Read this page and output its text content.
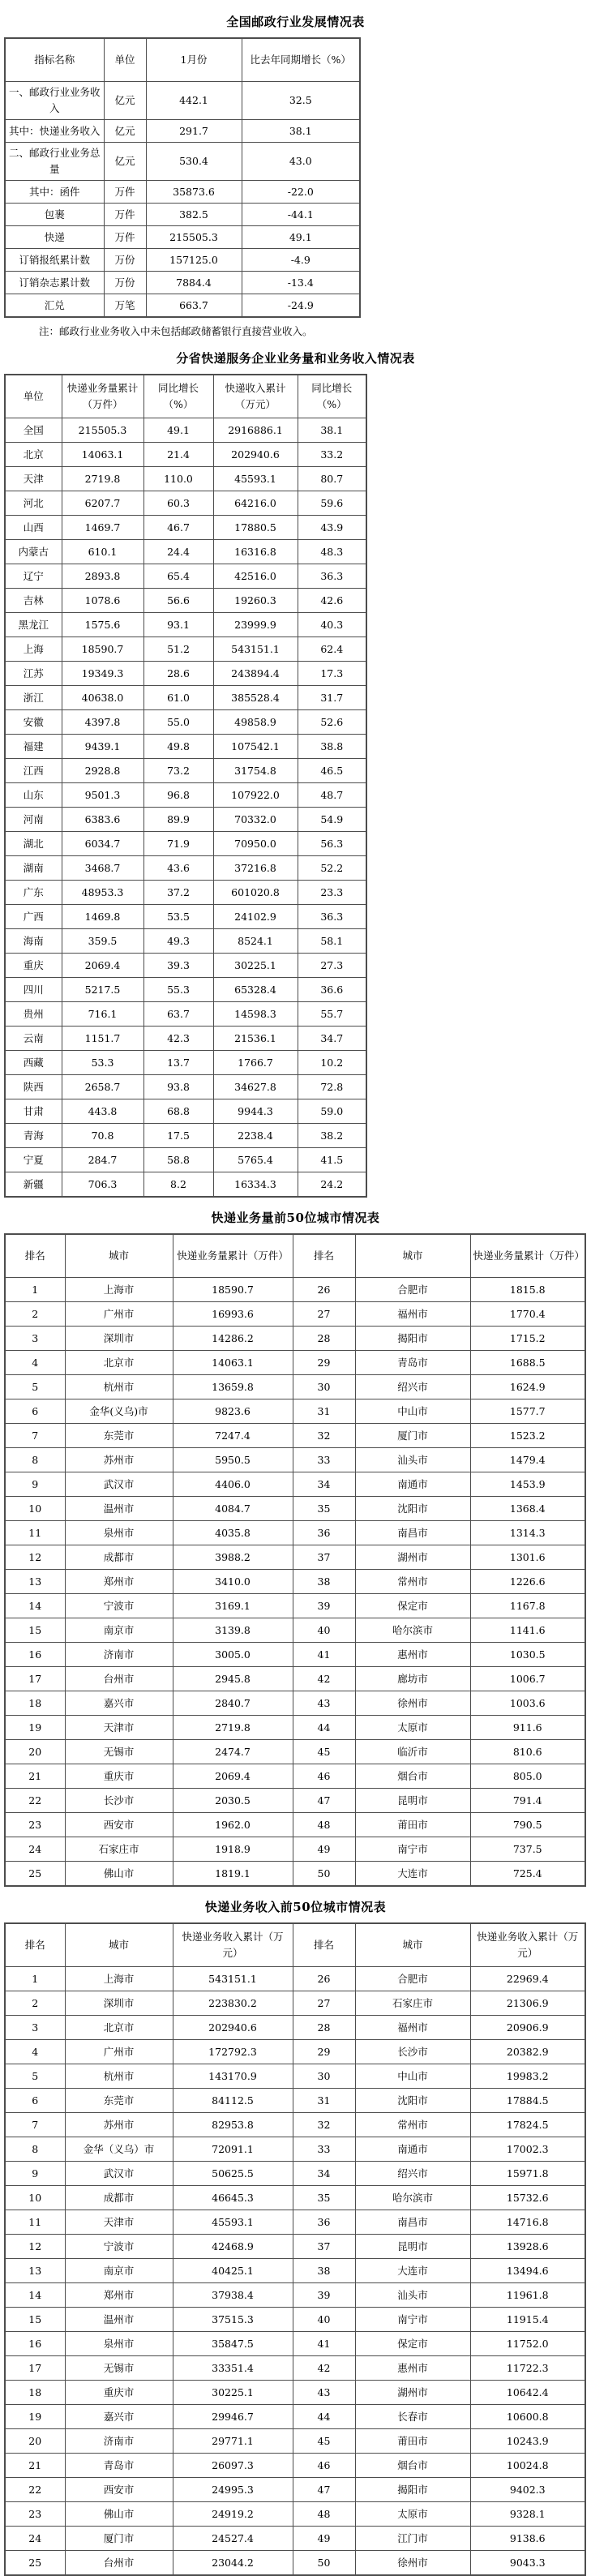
全国邮政行业发展情况表
指标名称	单位	1月份	比去年同期增长（%）
一、邮政行业业务收入	亿元	442.1	32.5
其中：快递业务收入	亿元	291.7	38.1
二、邮政行业业务总量	亿元	530.4	43.0
其中：函件	万件	35873.6	-22.0
包裹	万件	382.5	-44.1
快递	万件	215505.3	49.1
订销报纸累计数	万份	157125.0	-4.9
订销杂志累计数	万份	7884.4	-13.4
汇兑	万笔	663.7	-24.9

注：邮政行业业务收入中未包括邮政储蓄银行直接营业收入。

分省快递服务企业业务量和业务收入情况表
单位	快递业务量累计（万件）	同比增长（%）	快递收入累计（万元）	同比增长（%）
全国	215505.3	49.1	2916886.1	38.1
北京	14063.1	21.4	202940.6	33.2
天津	2719.8	110.0	45593.1	80.7
河北	6207.7	60.3	64216.0	59.6
山西	1469.7	46.7	17880.5	43.9
内蒙古	610.1	24.4	16316.8	48.3
辽宁	2893.8	65.4	42516.0	36.3
吉林	1078.6	56.6	19260.3	42.6
黑龙江	1575.6	93.1	23999.9	40.3
上海	18590.7	51.2	543151.1	62.4
江苏	19349.3	28.6	243894.4	17.3
浙江	40638.0	61.0	385528.4	31.7
安徽	4397.8	55.0	49858.9	52.6
福建	9439.1	49.8	107542.1	38.8
江西	2928.8	73.2	31754.8	46.5
山东	9501.3	96.8	107922.0	48.7
河南	6383.6	89.9	70332.0	54.9
湖北	6034.7	71.9	70950.0	56.3
湖南	3468.7	43.6	37216.8	52.2
广东	48953.3	37.2	601020.8	23.3
广西	1469.8	53.5	24102.9	36.3
海南	359.5	49.3	8524.1	58.1
重庆	2069.4	39.3	30225.1	27.3
四川	5217.5	55.3	65328.4	36.6
贵州	716.1	63.7	14598.3	55.7
云南	1151.7	42.3	21536.1	34.7
西藏	53.3	13.7	1766.7	10.2
陕西	2658.7	93.8	34627.8	72.8
甘肃	443.8	68.8	9944.3	59.0
青海	70.8	17.5	2238.4	38.2
宁夏	284.7	58.8	5765.4	41.5
新疆	706.3	8.2	16334.3	24.2
快递业务量前50位城市情况表
排名	城市	快递业务量累计（万件）	排名	城市	快递业务量累计（万件）
1	上海市	18590.7	26	合肥市	1815.8
2	广州市	16993.6	27	福州市	1770.4
3	深圳市	14286.2	28	揭阳市	1715.2
4	北京市	14063.1	29	青岛市	1688.5
5	杭州市	13659.8	30	绍兴市	1624.9
6	金华(义乌)市	9823.6	31	中山市	1577.7
7	东莞市	7247.4	32	厦门市	1523.2
8	苏州市	5950.5	33	汕头市	1479.4
9	武汉市	4406.0	34	南通市	1453.9
10	温州市	4084.7	35	沈阳市	1368.4
11	泉州市	4035.8	36	南昌市	1314.3
12	成都市	3988.2	37	湖州市	1301.6
13	郑州市	3410.0	38	常州市	1226.6
14	宁波市	3169.1	39	保定市	1167.8
15	南京市	3139.8	40	哈尔滨市	1141.6
16	济南市	3005.0	41	惠州市	1030.5
17	台州市	2945.8	42	廊坊市	1006.7
18	嘉兴市	2840.7	43	徐州市	1003.6
19	天津市	2719.8	44	太原市	911.6
20	无锡市	2474.7	45	临沂市	810.6
21	重庆市	2069.4	46	烟台市	805.0
22	长沙市	2030.5	47	昆明市	791.4
23	西安市	1962.0	48	莆田市	790.5
24	石家庄市	1918.9	49	南宁市	737.5
25	佛山市	1819.1	50	大连市	725.4
快递业务收入前50位城市情况表
排名	城市	快递业务收入累计（万元）	排名	城市	快递业务收入累计（万元）
1	上海市	543151.1	26	合肥市	22969.4
2	深圳市	223830.2	27	石家庄市	21306.9
3	北京市	202940.6	28	福州市	20906.9
4	广州市	172792.3	29	长沙市	20382.9
5	杭州市	143170.9	30	中山市	19983.2
6	东莞市	84112.5	31	沈阳市	17884.5
7	苏州市	82953.8	32	常州市	17824.5
8	金华（义乌）市	72091.1	33	南通市	17002.3
9	武汉市	50625.5	34	绍兴市	15971.8
10	成都市	46645.3	35	哈尔滨市	15732.6
11	天津市	45593.1	36	南昌市	14716.8
12	宁波市	42468.9	37	昆明市	13928.6
13	南京市	40425.1	38	大连市	13494.6
14	郑州市	37938.4	39	汕头市	11961.8
15	温州市	37515.3	40	南宁市	11915.4
16	泉州市	35847.5	41	保定市	11752.0
17	无锡市	33351.4	42	惠州市	11722.3
18	重庆市	30225.1	43	湖州市	10642.4
19	嘉兴市	29946.7	44	长春市	10600.8
20	济南市	29771.1	45	莆田市	10243.9
21	青岛市	26097.3	46	烟台市	10024.8
22	西安市	24995.3	47	揭阳市	9402.3
23	佛山市	24919.2	48	太原市	9328.1
24	厦门市	24527.4	49	江门市	9138.6
25	台州市	23044.2	50	徐州市	9043.3
